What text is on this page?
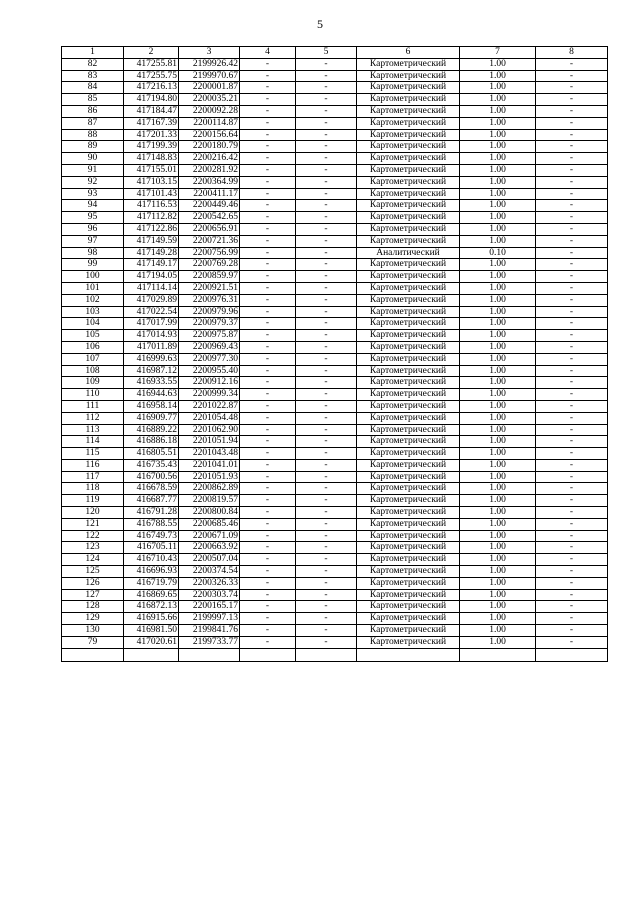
5
1	2	3	4	5	6	7	8
82	417255.81	2199926.42	-	-	Картометрический	1.00	-
83	417255.75	2199970.67	-	-	Картометрический	1.00	-
84	417216.13	2200001.87	-	-	Картометрический	1.00	-
85	417194.80	2200035.21	-	-	Картометрический	1.00	-
86	417184.47	2200092.28	-	-	Картометрический	1.00	-
87	417167.39	2200114.87	-	-	Картометрический	1.00	-
88	417201.33	2200156.64	-	-	Картометрический	1.00	-
89	417199.39	2200180.79	-	-	Картометрический	1.00	-
90	417148.83	2200216.42	-	-	Картометрический	1.00	-
91	417155.01	2200281.92	-	-	Картометрический	1.00	-
92	417103.15	2200364.99	-	-	Картометрический	1.00	-
93	417101.43	2200411.17	-	-	Картометрический	1.00	-
94	417116.53	2200449.46	-	-	Картометрический	1.00	-
95	417112.82	2200542.65	-	-	Картометрический	1.00	-
96	417122.86	2200656.91	-	-	Картометрический	1.00	-
97	417149.59	2200721.36	-	-	Картометрический	1.00	-
98	417149.28	2200756.99	-	-	Аналитический	0.10	-
99	417149.17	2200769.28	-	-	Картометрический	1.00	-
100	417194.05	2200859.97	-	-	Картометрический	1.00	-
101	417114.14	2200921.51	-	-	Картометрический	1.00	-
102	417029.89	2200976.31	-	-	Картометрический	1.00	-
103	417022.54	2200979.96	-	-	Картометрический	1.00	-
104	417017.99	2200979.37	-	-	Картометрический	1.00	-
105	417014.93	2200975.87	-	-	Картометрический	1.00	-
106	417011.89	2200969.43	-	-	Картометрический	1.00	-
107	416999.63	2200977.30	-	-	Картометрический	1.00	-
108	416987.12	2200955.40	-	-	Картометрический	1.00	-
109	416933.55	2200912.16	-	-	Картометрический	1.00	-
110	416944.63	2200999.34	-	-	Картометрический	1.00	-
111	416958.14	2201022.87	-	-	Картометрический	1.00	-
112	416909.77	2201054.48	-	-	Картометрический	1.00	-
113	416889.22	2201062.90	-	-	Картометрический	1.00	-
114	416886.18	2201051.94	-	-	Картометрический	1.00	-
115	416805.51	2201043.48	-	-	Картометрический	1.00	-
116	416735.43	2201041.01	-	-	Картометрический	1.00	-
117	416700.56	2201051.93	-	-	Картометрический	1.00	-
118	416678.59	2200862.89	-	-	Картометрический	1.00	-
119	416687.77	2200819.57	-	-	Картометрический	1.00	-
120	416791.28	2200800.84	-	-	Картометрический	1.00	-
121	416788.55	2200685.46	-	-	Картометрический	1.00	-
122	416749.73	2200671.09	-	-	Картометрический	1.00	-
123	416705.11	2200663.92	-	-	Картометрический	1.00	-
124	416710.43	2200507.04	-	-	Картометрический	1.00	-
125	416696.93	2200374.54	-	-	Картометрический	1.00	-
126	416719.79	2200326.33	-	-	Картометрический	1.00	-
127	416869.65	2200303.74	-	-	Картометрический	1.00	-
128	416872.13	2200165.17	-	-	Картометрический	1.00	-
129	416915.66	2199997.13	-	-	Картометрический	1.00	-
130	416981.50	2199841.76	-	-	Картометрический	1.00	-
79	417020.61	2199733.77	-	-	Картометрический	1.00	-
